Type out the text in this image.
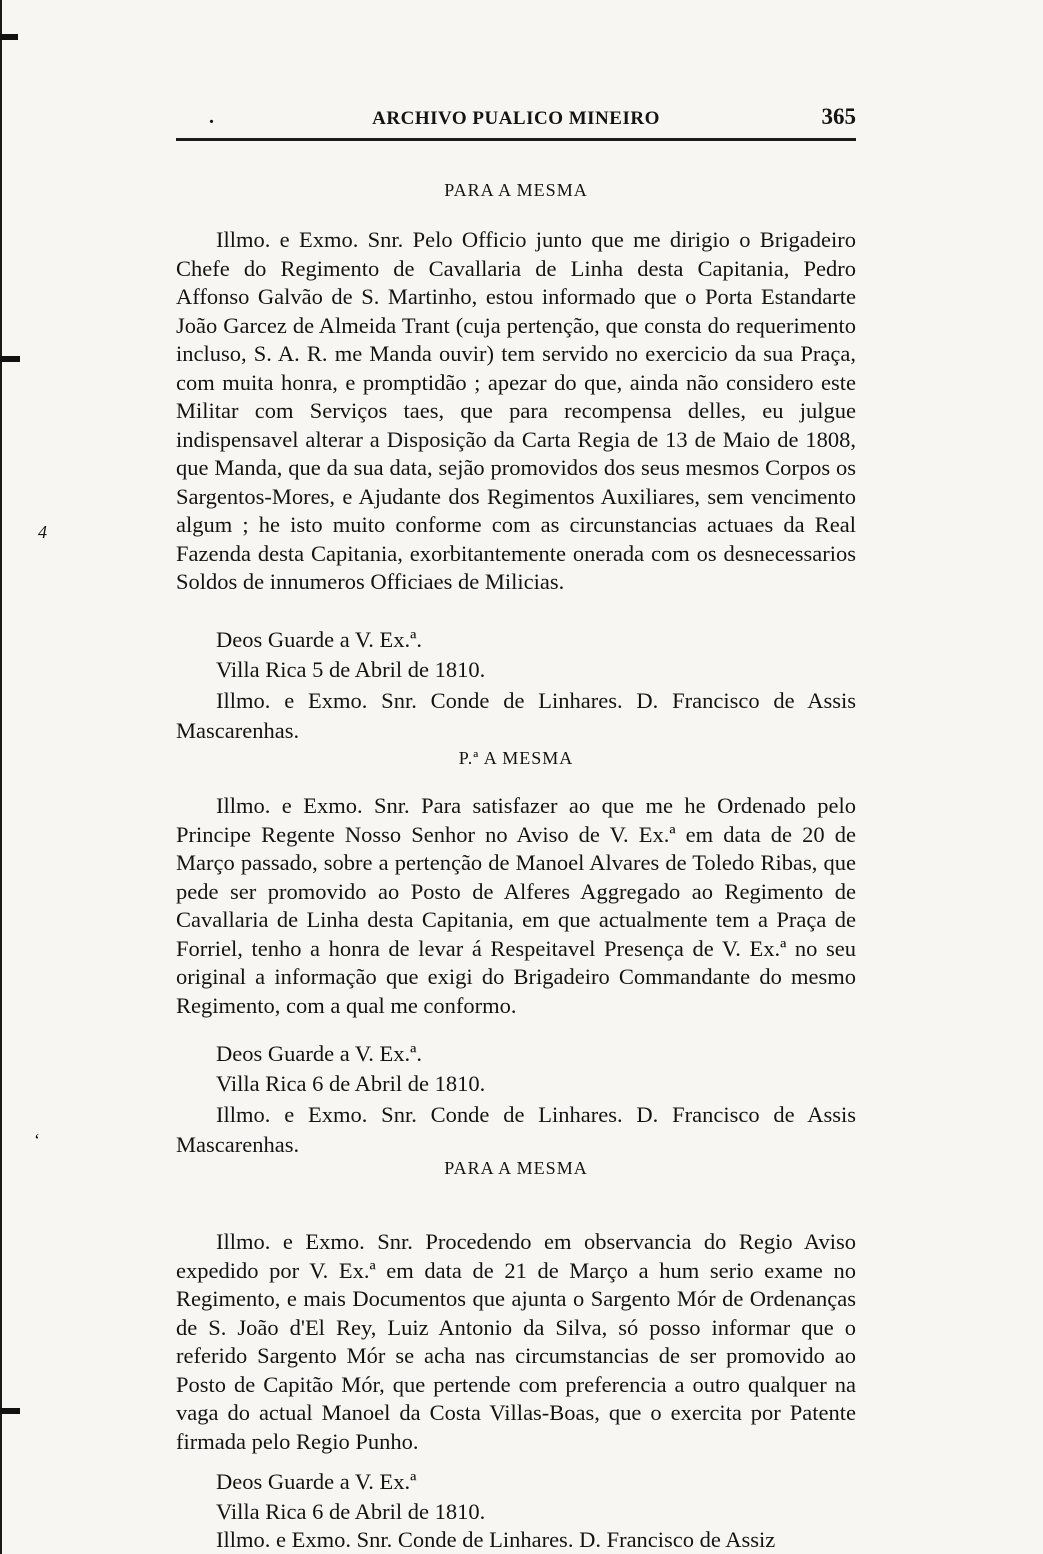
4
‘
.	ARCHIVO PUALICO MINEIRO	365
PARA A MESMA

Illmo. e Exmo. Snr. Pelo Officio junto que me dirigio o Brigadeiro Chefe do Regimento de Cavallaria de Linha desta Capitania, Pedro Affonso Galvão de S. Martinho, estou informado que o Porta Estandarte João Garcez de Almeida Trant (cuja pertenção, que consta do requerimento incluso, S. A. R. me Manda ouvir) tem servido no exercicio da sua Praça, com muita honra, e promptidão ; apezar do que, ainda não considero este Militar com Serviços taes, que para recompensa delles, eu julgue indispensavel alterar a Disposição da Carta Regia de 13 de Maio de 1808, que Manda, que da sua data, sejão promovidos dos seus mesmos Corpos os Sargentos-Mores, e Ajudante dos Regimentos Auxiliares, sem vencimento algum ; he isto muito conforme com as circunstancias actuaes da Real Fazenda desta Capitania, exorbitantemente onerada com os desnecessarios Soldos de innumeros Officiaes de Milicias.

Deos Guarde a V. Ex.ª.
Villa Rica 5 de Abril de 1810.
Illmo. e Exmo. Snr. Conde de Linhares. D. Francisco de Assis Mascarenhas.
P.ª A MESMA

Illmo. e Exmo. Snr. Para satisfazer ao que me he Ordenado pelo Principe Regente Nosso Senhor no Aviso de V. Ex.ª em data de 20 de Março passado, sobre a pertenção de Manoel Alvares de Toledo Ribas, que pede ser promovido ao Posto de Alferes Aggregado ao Regimento de Cavallaria de Linha desta Capitania, em que actualmente tem a Praça de Forriel, tenho a honra de levar á Respeitavel Presença de V. Ex.ª no seu original a informação que exigi do Brigadeiro Commandante do mesmo Regimento, com a qual me conformo.

Deos Guarde a V. Ex.ª.
Villa Rica 6 de Abril de 1810.
Illmo. e Exmo. Snr. Conde de Linhares. D. Francisco de Assis Mascarenhas.
PARA A MESMA

Illmo. e Exmo. Snr. Procedendo em observancia do Regio Aviso expedido por V. Ex.ª em data de 21 de Março a hum serio exame no Regimento, e mais Documentos que ajunta o Sargento Mór de Ordenanças de S. João d'El Rey, Luiz Antonio da Silva, só posso informar que o referido Sargento Mór se acha nas circumstancias de ser promovido ao Posto de Capitão Mór, que pertende com preferencia a outro qualquer na vaga do actual Manoel da Costa Villas-Boas, que o exercita por Patente firmada pelo Regio Punho.

Deos Guarde a V. Ex.ª
Villa Rica 6 de Abril de 1810.
Illmo. e Exmo. Snr. Conde de Linhares. D. Francisco de Assiz
